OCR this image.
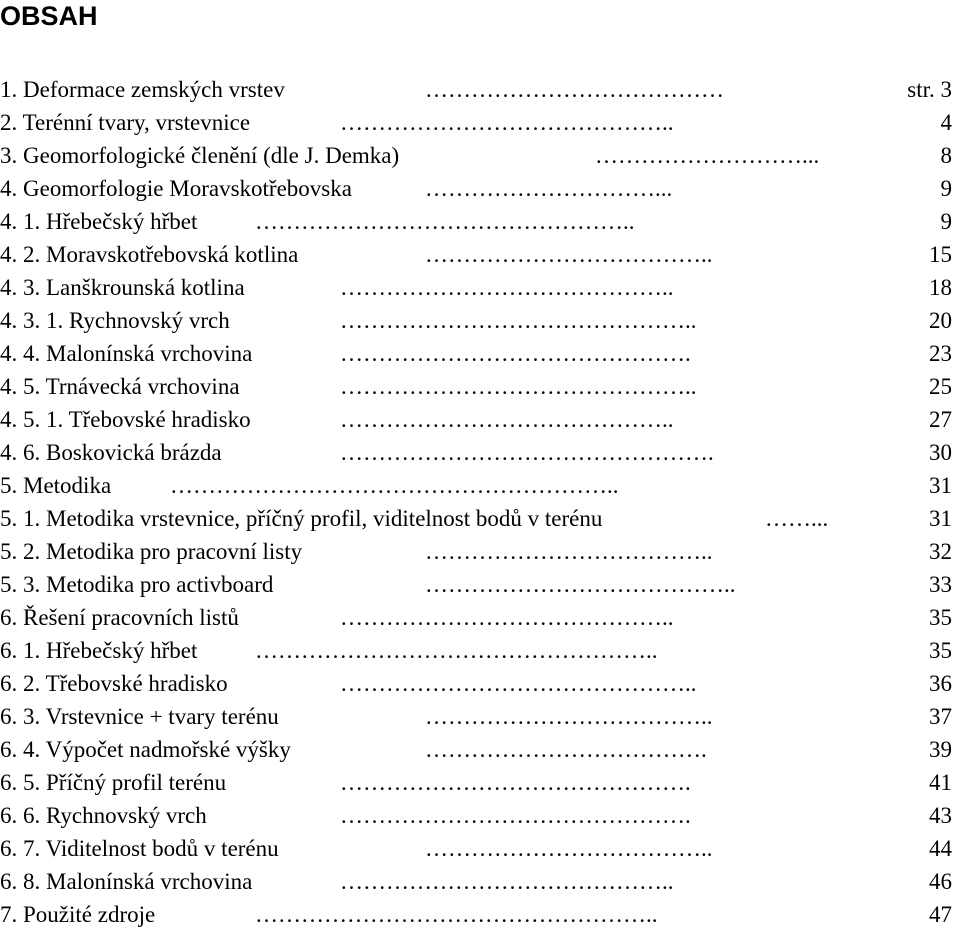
OBSAH
1. Deformace zemských vrstev	…………………………………	str. 3
2. Terénní tvary, vrstevnice	……………………………………..	4
3. Geomorfologické členění (dle J. Demka)	………………………...	8
4. Geomorfologie Moravskotřebovska	…………………………...	9
4. 1. Hřebečský hřbet	…………………………………………..	9
4. 2. Moravskotřebovská kotlina	………………………………..	15
4. 3. Lanškrounská kotlina	……………………………………..	18
4. 3. 1. Rychnovský vrch	………………………………………..	20
4. 4. Malonínská vrchovina	……………………………………….	23
4. 5. Trnávecká vrchovina	………………………………………..	25
4. 5. 1. Třebovské hradisko	……………………………………..	27
4. 6. Boskovická brázda	………………………………………….	30
5. Metodika	…………………………………………………..	31
5. 1. Metodika vrstevnice, příčný profil, viditelnost bodů v terénu	……...	31
5. 2. Metodika pro pracovní listy	………………………………..	32
5. 3. Metodika pro activboard	…………………………………..	33
6. Řešení pracovních listů	……………………………………..	35
6. 1. Hřebečský hřbet	……………………………………………..	35
6. 2. Třebovské hradisko	………………………………………..	36
6. 3. Vrstevnice + tvary terénu	………………………………..	37
6. 4. Výpočet nadmořské výšky	……………………………….	39
6. 5. Příčný profil terénu	……………………………………….	41
6. 6. Rychnovský vrch	……………………………………….	43
6. 7. Viditelnost bodů v terénu	………………………………..	44
6. 8. Malonínská vrchovina	……………………………………..	46
7. Použité zdroje	……………………………………………..	47
